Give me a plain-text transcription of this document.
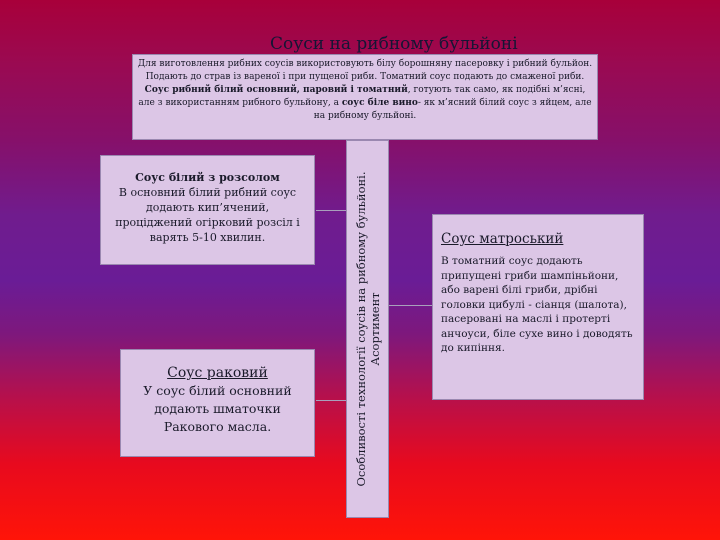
Соуси на рибному бульйоні
Для виготовлення рибних соусів використовують білу борошняну пасеровку і рибний бульйон. Подають до страв із вареної і при пущеної риби. Томатний соус подають до смаженої риби. Соус рибний білий основний, паровий і томатний, готують так само, як подібні м’ясні, але з використанням рибного бульйону, а соус біле вино- як м’ясний білий соус з яйцем, але на рибному бульйоні.
Особливості технології соусів на рибному бульйоні. Асортимент
Соус білий з розсолом
В основний білий рибний соус додають кип’ячений, проціджений огірковий розсіл і варять 5-10 хвилин.
Соус раковий
У соус білий основний додають шматочки Ракового масла.
Соус матроський
В томатний соус додають припущені гриби шампіньйони, або варені білі гриби, дрібні головки цибулі - сіанця (шалота), пасеровані на маслі і протерті анчоуси, біле сухе вино і доводять до кипіння.
